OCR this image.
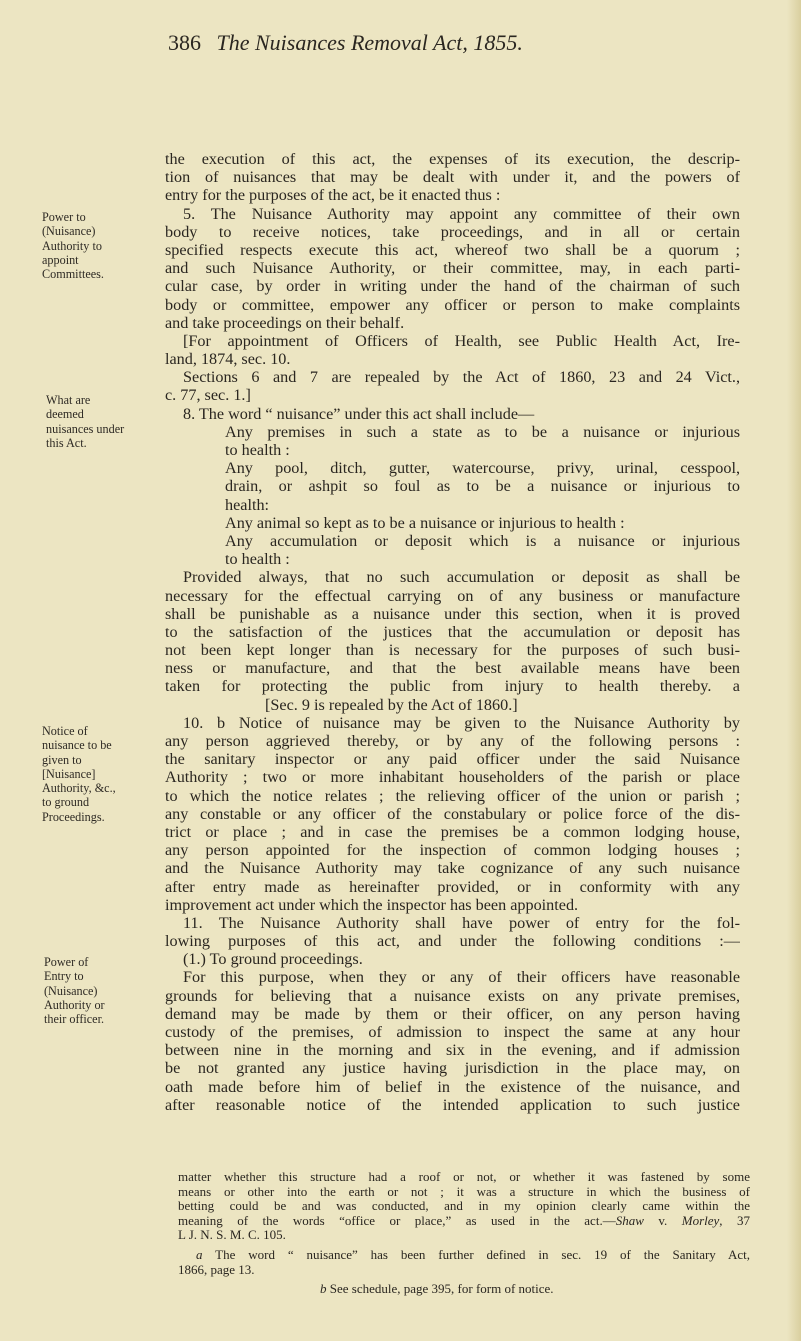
386 The Nuisances Removal Act, 1855.
the execution of this act, the expenses of its execution, the descrip-
tion of nuisances that may be dealt with under it, and the powers of
entry for the purposes of the act, be it enacted thus :
5. The Nuisance Authority may appoint any committee of their own
body to receive notices, take proceedings, and in all or certain
specified respects execute this act, whereof two shall be a quorum ;
and such Nuisance Authority, or their committee, may, in each parti-
cular case, by order in writing under the hand of the chairman of such
body or committee, empower any officer or person to make complaints
and take proceedings on their behalf.
[For appointment of Officers of Health, see Public Health Act, Ire-
land, 1874, sec. 10.
Sections 6 and 7 are repealed by the Act of 1860, 23 and 24 Vict.,
c. 77, sec. 1.]
8. The word “ nuisance” under this act shall include—
Any premises in such a state as to be a nuisance or injurious
to health :
Any pool, ditch, gutter, watercourse, privy, urinal, cesspool,
drain, or ashpit so foul as to be a nuisance or injurious to
health:
Any animal so kept as to be a nuisance or injurious to health :
Any accumulation or deposit which is a nuisance or injurious
to health :
Provided always, that no such accumulation or deposit as shall be
necessary for the effectual carrying on of any business or manufacture
shall be punishable as a nuisance under this section, when it is proved
to the satisfaction of the justices that the accumulation or deposit has
not been kept longer than is necessary for the purposes of such busi-
ness or manufacture, and that the best available means have been
taken for protecting the public from injury to health thereby. a
[Sec. 9 is repealed by the Act of 1860.]
10. b Notice of nuisance may be given to the Nuisance Authority by
any person aggrieved thereby, or by any of the following persons :
the sanitary inspector or any paid officer under the said Nuisance
Authority ; two or more inhabitant householders of the parish or place
to which the notice relates ; the relieving officer of the union or parish ;
any constable or any officer of the constabulary or police force of the dis-
trict or place ; and in case the premises be a common lodging house,
any person appointed for the inspection of common lodging houses ;
and the Nuisance Authority may take cognizance of any such nuisance
after entry made as hereinafter provided, or in conformity with any
improvement act under which the inspector has been appointed.
11. The Nuisance Authority shall have power of entry for the fol-
lowing purposes of this act, and under the following conditions :—
(1.) To ground proceedings.
For this purpose, when they or any of their officers have reasonable
grounds for believing that a nuisance exists on any private premises,
demand may be made by them or their officer, on any person having
custody of the premises, of admission to inspect the same at any hour
between nine in the morning and six in the evening, and if admission
be not granted any justice having jurisdiction in the place may, on
oath made before him of belief in the existence of the nuisance, and
after reasonable notice of the intended application to such justice
Power to
(Nuisance)
Authority to
appoint
Committees.
What are
deemed
nuisances under
this Act.
Notice of
nuisance to be
given to
[Nuisance]
Authority, &c.,
to ground
Proceedings.
Power of
Entry to
(Nuisance)
Authority or
their officer.
matter whether this structure had a roof or not, or whether it was fastened by some
means or other into the earth or not ; it was a structure in which the business of
betting could be and was conducted, and in my opinion clearly came within the
meaning of the words “office or place,” as used in the act.—Shaw v. Morley, 37
L J. N. S. M. C. 105.
a The word “ nuisance” has been further defined in sec. 19 of the Sanitary Act,
1866, page 13.
b See schedule, page 395, for form of notice.
